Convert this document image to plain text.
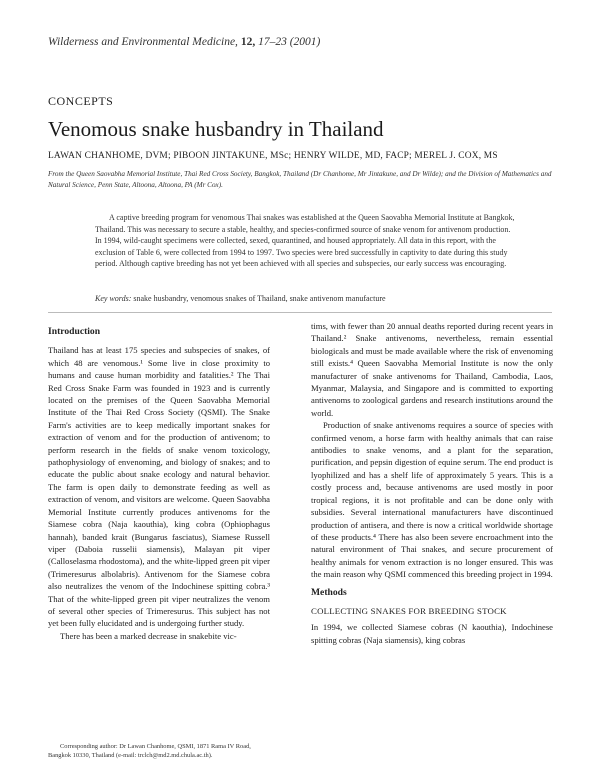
Wilderness and Environmental Medicine, 12, 17–23 (2001)
CONCEPTS
Venomous snake husbandry in Thailand
LAWAN CHANHOME, DVM; PIBOON JINTAKUNE, MSc; HENRY WILDE, MD, FACP; MEREL J. COX, MS
From the Queen Saovabha Memorial Institute, Thai Red Cross Society, Bangkok, Thailand (Dr Chanhome, Mr Jintakune, and Dr Wilde); and the Division of Mathematics and Natural Science, Penn State, Altoona, Altoona, PA (Mr Cox).

A captive breeding program for venomous Thai snakes was established at the Queen Saovabha Memorial Institute at Bangkok, Thailand. This was necessary to secure a stable, healthy, and species-confirmed source of snake venom for antivenom production. In 1994, wild-caught specimens were collected, sexed, quarantined, and housed appropriately. All data in this report, with the exclusion of Table 6, were collected from 1994 to 1997. Two species were bred successfully in captivity to date during this study period. Although captive breeding has not yet been achieved with all species and subspecies, our early success was encouraging.

Key words: snake husbandry, venomous snakes of Thailand, snake antivenom manufacture
Introduction

Thailand has at least 175 species and subspecies of snakes, of which 48 are venomous.¹ Some live in close proximity to humans and cause human morbidity and fatalities.² The Thai Red Cross Snake Farm was founded in 1923 and is currently located on the premises of the Queen Saovabha Memorial Institute of the Thai Red Cross Society (QSMI). The Snake Farm's activities are to keep medically important snakes for extraction of venom and for the production of antivenom; to perform research in the fields of snake venom toxicology, pathophysiology of envenoming, and biology of snakes; and to educate the public about snake ecology and natural behavior. The farm is open daily to demonstrate feeding as well as extraction of venom, and visitors are welcome. Queen Saovabha Memorial Institute currently produces antivenoms for the Siamese cobra (Naja kaouthia), king cobra (Ophiophagus hannah), banded krait (Bungarus fasciatus), Siamese Russell viper (Daboia russelii siamensis), Malayan pit viper (Calloselasma rhodostoma), and the white-lipped green pit viper (Trimeresurus albolabris). Antivenom for the Siamese cobra also neutralizes the venom of the Indochinese spitting cobra.³ That of the white-lipped green pit viper neutralizes the venom of several other species of Trimeresurus. This subject has not yet been fully elucidated and is undergoing further study.

There has been a marked decrease in snakebite vic-

Corresponding author: Dr Lawan Chanhome, QSMI, 1871 Rama IV Road, Bangkok 10330, Thailand (e-mail: trclch@md2.md.chula.ac.th).

tims, with fewer than 20 annual deaths reported during recent years in Thailand.² Snake antivenoms, nevertheless, remain essential biologicals and must be made available where the risk of envenoming still exists.⁴ Queen Saovabha Memorial Institute is now the only manufacturer of snake antivenoms for Thailand, Cambodia, Laos, Myanmar, Malaysia, and Singapore and is committed to exporting antivenoms to zoological gardens and research institutions around the world.

Production of snake antivenoms requires a source of species with confirmed venom, a horse farm with healthy animals that can raise antibodies to snake venoms, and a plant for the separation, purification, and pepsin digestion of equine serum. The end product is lyophilized and has a shelf life of approximately 5 years. This is a costly process and, because antivenoms are used mostly in poor tropical regions, it is not profitable and can be done only with subsidies. Several international manufacturers have discontinued production of antisera, and there is now a critical worldwide shortage of these products.⁴ There has also been severe encroachment into the natural environment of Thai snakes, and secure procurement of healthy animals for venom extraction is no longer ensured. This was the main reason why QSMI commenced this breeding project in 1994.

Methods
COLLECTING SNAKES FOR BREEDING STOCK

In 1994, we collected Siamese cobras (N kaouthia), Indochinese spitting cobras (Naja siamensis), king cobras
